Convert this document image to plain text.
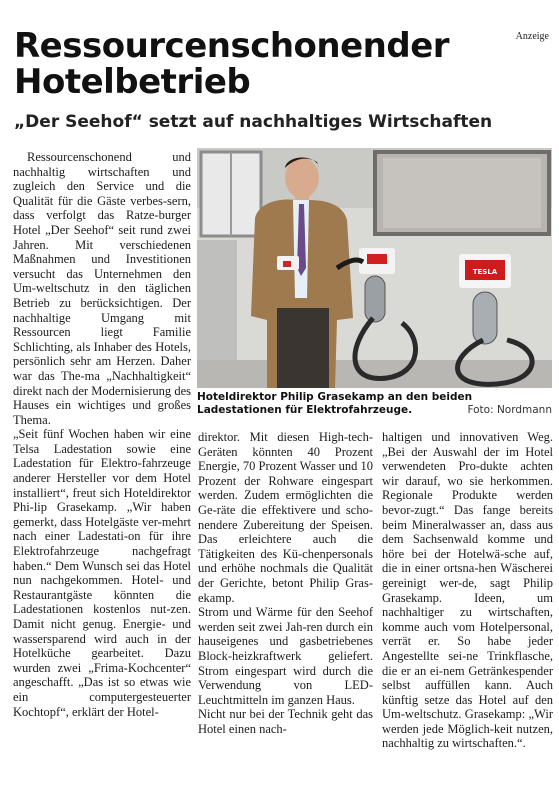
Anzeige
Ressourcenschonender
Hotelbetrieb
„Der Seehof“ setzt auf nachhaltiges Wirtschaften

Ressourcenschonend und nachhaltig wirtschaften und zugleich den Service und die Qualität für die Gäste verbes-sern, dass verfolgt das Ratze-burger Hotel „Der Seehof“ seit rund zwei Jahren. Mit verschiedenen Maßnahmen und Investitionen versucht das Unternehmen den Um-weltschutz in den täglichen Betrieb zu berücksichtigen. Der nachhaltige Umgang mit Ressourcen liegt Familie Schlichting, als Inhaber des Hotels, persönlich sehr am Herzen. Daher war das The-ma „Nachhaltigkeit“ direkt nach der Modernisierung des Hauses ein wichtiges und großes Thema.

„Seit fünf Wochen haben wir eine Telsa Ladestation sowie eine Ladestation für Elektro-fahrzeuge anderer Hersteller vor dem Hotel installiert“, freut sich Hoteldirektor Phi-lip Grasekamp. „Wir haben gemerkt, dass Hotelgäste ver-mehrt nach einer Ladestati-on für ihre Elektrofahrzeuge nachgefragt haben.“ Dem Wunsch sei das Hotel nun nachgekommen. Hotel- und Restaurantgäste könnten die Ladestationen kostenlos nut-zen. Damit nicht genug. Energie- und wassersparend wird auch in der Hotelküche gearbeitet. Dazu wurden zwei „Frima-Kochcenter“ angeschafft. „Das ist so etwas wie ein computergesteuerter Kochtopf“, erklärt der Hotel-

TESLA
Hoteldirektor Philip Grasekamp an den beiden Ladestationen für Elektrofahrzeuge.	Foto: Nordmann

direktor. Mit diesen High-tech-Geräten könnten 40 Prozent Energie, 70 Prozent Wasser und 10 Prozent der Rohware eingespart werden. Zudem ermöglichten die Ge-räte die effektivere und scho-nendere Zubereitung der Speisen. Das erleichtere auch die Tätigkeiten des Kü-chenpersonals und erhöhe nochmals die Qualität der Gerichte, betont Philip Gras-ekamp.

Strom und Wärme für den Seehof werden seit zwei Jah-ren durch ein hauseigenes und gasbetriebenes Block-heizkraftwerk geliefert. Strom eingespart wird durch die Verwendung von LED-Leuchtmitteln im ganzen Haus.

Nicht nur bei der Technik geht das Hotel einen nach-

haltigen und innovativen Weg. „Bei der Auswahl der im Hotel verwendeten Pro-dukte achten wir darauf, wo sie herkommen. Regionale Produkte werden bevor-zugt.“ Das fange bereits beim Mineralwasser an, dass aus dem Sachsenwald komme und höre bei der Hotelwä-sche auf, die in einer ortsna-hen Wäscherei gereinigt wer-de, sagt Philip Grasekamp. Ideen, um nachhaltiger zu wirtschaften, komme auch vom Hotelpersonal, verrät er. So habe jeder Angestellte sei-ne Trinkflasche, die er an ei-nem Getränkespender selbst auffüllen kann. Auch künftig setze das Hotel auf den Um-weltschutz. Grasekamp: „Wir werden jede Möglich-keit nutzen, nachhaltig zu wirtschaften.“.
